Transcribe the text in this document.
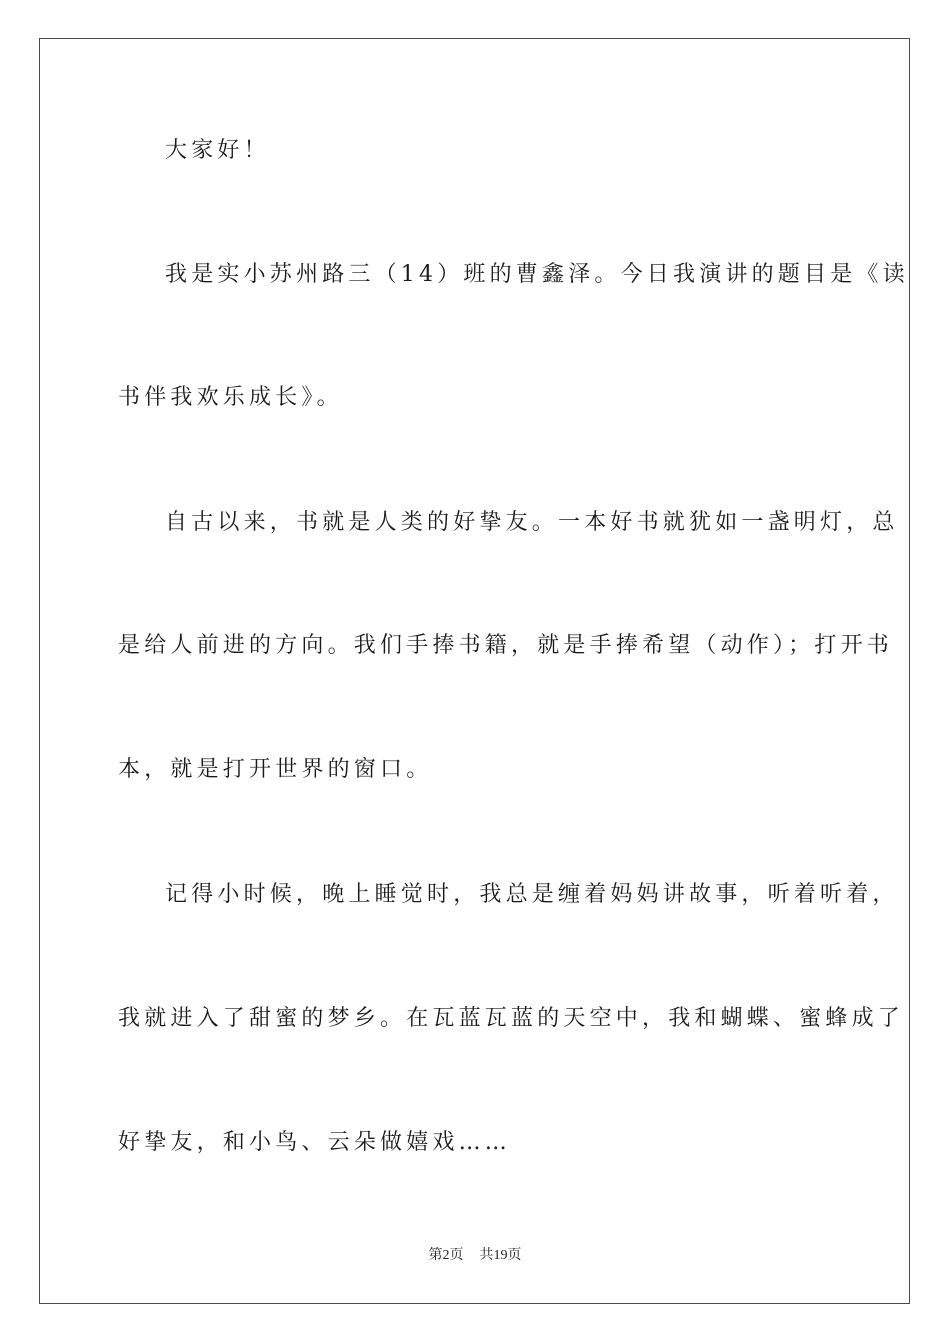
大家好！
我是实小苏州路三（14）班的曹鑫泽。今日我演讲的题目是《读
书伴我欢乐成长》。
自古以来，书就是人类的好挚友。一本好书就犹如一盏明灯，总
是给人前进的方向。我们手捧书籍，就是手捧希望（动作）；打开书
本，就是打开世界的窗口。
记得小时候，晚上睡觉时，我总是缠着妈妈讲故事，听着听着，
我就进入了甜蜜的梦乡。在瓦蓝瓦蓝的天空中，我和蝴蝶、蜜蜂成了
好挚友，和小鸟、云朵做嬉戏……
第2页 共19页
